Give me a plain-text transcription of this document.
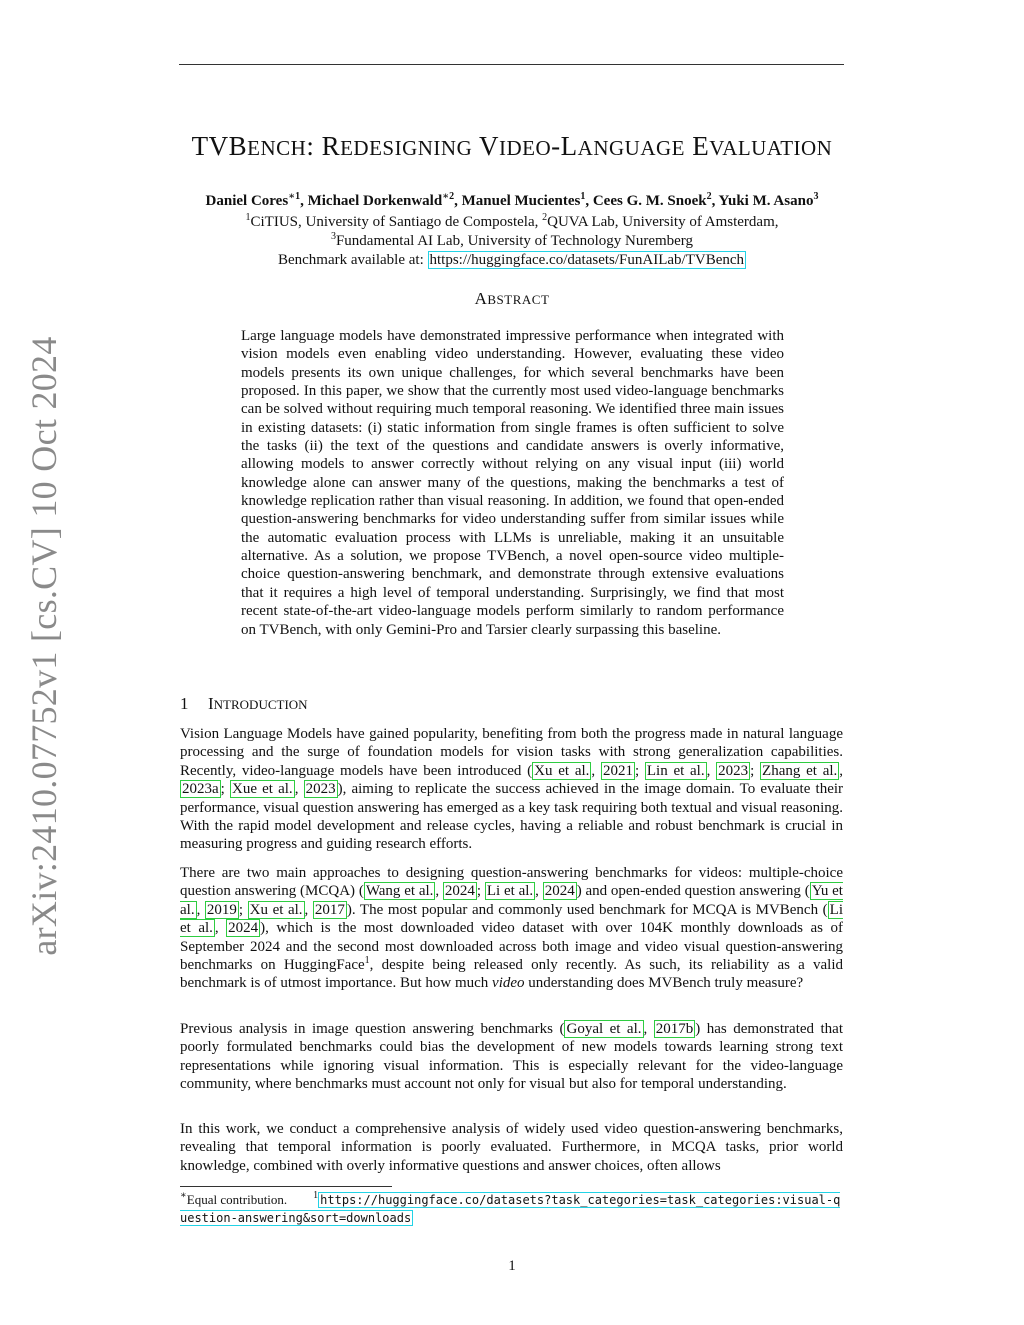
arXiv:2410.07752v1 [cs.CV] 10 Oct 2024
TVBENCH: REDESIGNING VIDEO-LANGUAGE EVALUATION
Daniel Cores$^{∗1}$, Michael Dorkenwald$^{∗2}$, Manuel Mucientes$^1$, Cees G. M. Snoek$^2$, Yuki M. Asano$^3$
$^1$CiTIUS, University of Santiago de Compostela, $^2$QUVA Lab, University of Amsterdam,
$^3$Fundamental AI Lab, University of Technology Nuremberg
Benchmark available at: https://huggingface.co/datasets/FunAILab/TVBench
ABSTRACT
Large language models have demonstrated impressive performance when integrated with vision models even enabling video understanding. However, evaluating these video models presents its own unique challenges, for which several benchmarks have been proposed. In this paper, we show that the currently most used video-language benchmarks can be solved without requiring much temporal reasoning. We identified three main issues in existing datasets: (i) static information from single frames is often sufficient to solve the tasks (ii) the text of the questions and candidate answers is overly informative, allowing models to answer correctly without relying on any visual input (iii) world knowledge alone can answer many of the questions, making the benchmarks a test of knowledge replication rather than visual reasoning. In addition, we found that open-ended question-answering benchmarks for video understanding suffer from similar issues while the automatic evaluation process with LLMs is unreliable, making it an unsuitable alternative. As a solution, we propose TVBench, a novel open-source video multiple-choice question-answering benchmark, and demonstrate through extensive evaluations that it requires a high level of temporal understanding. Surprisingly, we find that most recent state-of-the-art video-language models perform similarly to random performance on TVBench, with only Gemini-Pro and Tarsier clearly surpassing this baseline.
1 INTRODUCTION
Vision Language Models have gained popularity, benefiting from both the progress made in natural language processing and the surge of foundation models for vision tasks with strong generalization capabilities. Recently, video-language models have been introduced ( Xu et al. , 2021 ; Lin et al. , 2023 ; Zhang et al. , 2023a ; Xue et al. , 2023 ), aiming to replicate the success achieved in the image domain. To evaluate their performance, visual question answering has emerged as a key task requiring both textual and visual reasoning. With the rapid model development and release cycles, having a reliable and robust benchmark is crucial in measuring progress and guiding research efforts.
There are two main approaches to designing question-answering benchmarks for videos: multiple-choice question answering (MCQA) ( Wang et al. , 2024 ; Li et al. , 2024 ) and open-ended question answering ( Yu et al. , 2019 ; Xu et al. , 2017 ). The most popular and commonly used benchmark for MCQA is MVBench ( Li et al. , 2024 ), which is the most downloaded video dataset with over 104K monthly downloads as of September 2024 and the second most downloaded across both image and video visual question-answering benchmarks on HuggingFace$^1$, despite being released only recently. As such, its reliability as a valid benchmark is of utmost importance. But how much video understanding does MVBench truly measure?
Previous analysis in image question answering benchmarks ( Goyal et al. , 2017b ) has demonstrated that poorly formulated benchmarks could bias the development of new models towards learning strong text representations while ignoring visual information. This is especially relevant for the video-language community, where benchmarks must account not only for visual but also for temporal understanding.
In this work, we conduct a comprehensive analysis of widely used video question-answering benchmarks, revealing that temporal information is poorly evaluated. Furthermore, in MCQA tasks, prior world knowledge, combined with overly informative questions and answer choices, often allows
∗Equal contribution.	$^1$ https://huggingface.co/datasets?task_categories=task_categories:visual-question-answering&sort=downloads
1
